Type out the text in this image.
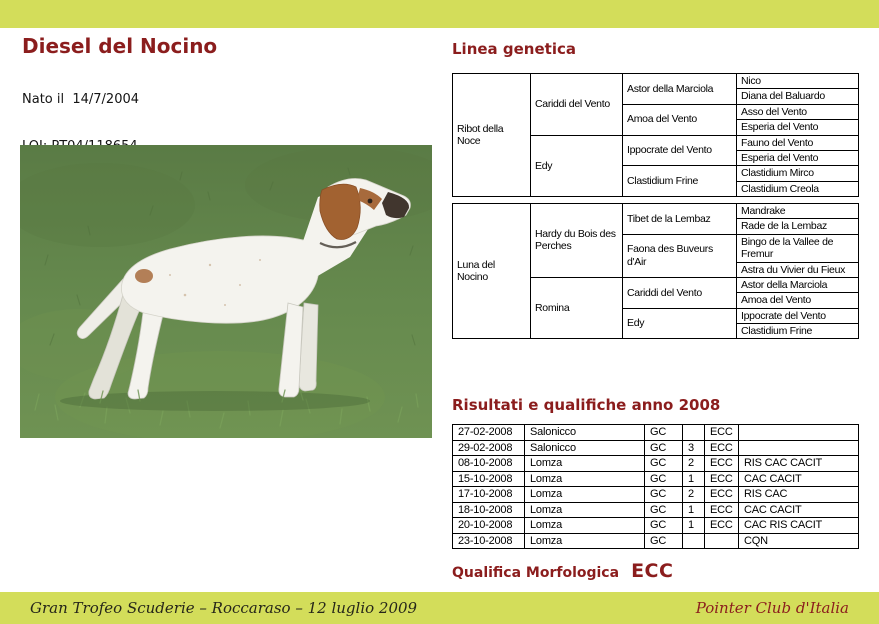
Diesel del Nocino

Nato il  14/7/2004

Linea genetica
Ribot della Noce	Cariddi del Vento	Astor della Marciola	Nico
			Diana del Baluardo
		Amoa del Vento	Asso del Vento
			Esperia del Vento
	Edy	Ippocrate del Vento	Fauno del Vento
			Esperia del Vento
		Clastidium Frine	Clastidium Mirco
			Clastidium Creola
Luna del Nocino	Hardy du Bois des Perches	Tibet de la Lembaz	Mandrake
			Rade de la Lembaz
		Faona des Buveurs d'Air	Bingo de la Vallee de Fremur
			Astra du Vivier du Fieux
	Romina	Cariddi del Vento	Astor della Marciola
			Amoa del Vento
		Edy	Ippocrate del Vento
			Clastidium Frine
Risultati e qualifiche anno 2008
27-02-2008	Salonicco	GC		ECC	
29-02-2008	Salonicco	GC	3	ECC	
08-10-2008	Lomza	GC	2	ECC	RIS CAC CACIT
15-10-2008	Lomza	GC	1	ECC	CAC CACIT
17-10-2008	Lomza	GC	2	ECC	RIS CAC
18-10-2008	Lomza	GC	1	ECC	CAC CACIT
20-10-2008	Lomza	GC	1	ECC	CAC RIS CACIT
23-10-2008	Lomza	GC			CQN
Qualifica Morfologica ECC
Gran Trofeo Scuderie – Roccaraso – 12 luglio 2009	Pointer Club d'Italia
